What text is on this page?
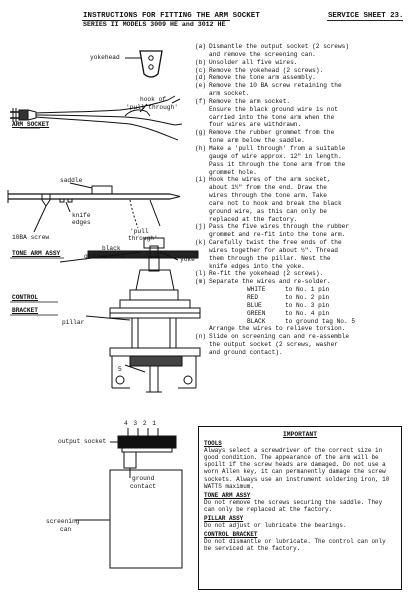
INSTRUCTIONS FOR FITTING THE ARM SOCKET
SERIES II MODELS 3009 HE and 3012 HE
SERVICE SHEET 23.
yokehead
hook of
'pull through'
ARM SOCKET
saddle
10BA screw
knife
edges
'pull
through'
TONE ARM ASSY
black
ground wire	yoke
CONTROL
BRACKET
pillar
5
4 3 2 1
output socket
ground
contact
screening
can
(a) Dismantle the output socket (2 screws)
and remove the screening can.
(b) Unsolder all five wires.
(c) Remove the yokehead (2 screws).
(d) Remove the tone arm assembly.
(e) Remove the 10 BA screw retaining the
arm socket.
(f) Remove the arm socket.
Ensure the black ground wire is not
carried into the tone arm when the
four wires are withdrawn.
(g) Remove the rubber grommet from the
tone arm below the saddle.
(h) Make a 'pull through' from a suitable
gauge of wire approx. 12" in length.
Pass it through the tone arm from the
grommet hole.
(i) Hook the wires of the arm socket,
about 1½" from the end. Draw the
wires through the tone arm. Take
care not to hook and break the black
ground wire, as this can only be
replaced at the factory.
(j) Pass the five wires through the rubber
grommet and re-fit into the tone arm.
(k) Carefully twist the free ends of the
wires together for about ½". Thread
them through the pillar. Nest the
knife edges into the yoke.
(l) Re-fit the yokehead (2 screws).
(m) Separate the wires and re-solder.
WHITE	to No. 1 pin
RED	to No. 2 pin
BLUE	to No. 3 pin
GREEN	to No. 4 pin
BLACK	to ground tag No. 5
Arrange the wires to relieve torsion.
(n) Slide on screening can and re-assemble
the output socket (2 screws, washer
and ground contact).
IMPORTANT
TOOLS
Always select a screwdriver of the correct size in good condition. The appearance of the arm will be spoilt if the screw heads are damaged. Do not use a worn Allen key, it can permanently damage the screw sockets. Always use an instrument soldering iron, 10 WATTS maximum.
TONE ARM ASSY
Do not remove the screws securing the saddle. They can only be replaced at the factory.
PILLAR ASSY
Do not adjust or lubricate the bearings.
CONTROL BRACKET
Do not dismantle or lubricate. The control can only be serviced at the factory.
